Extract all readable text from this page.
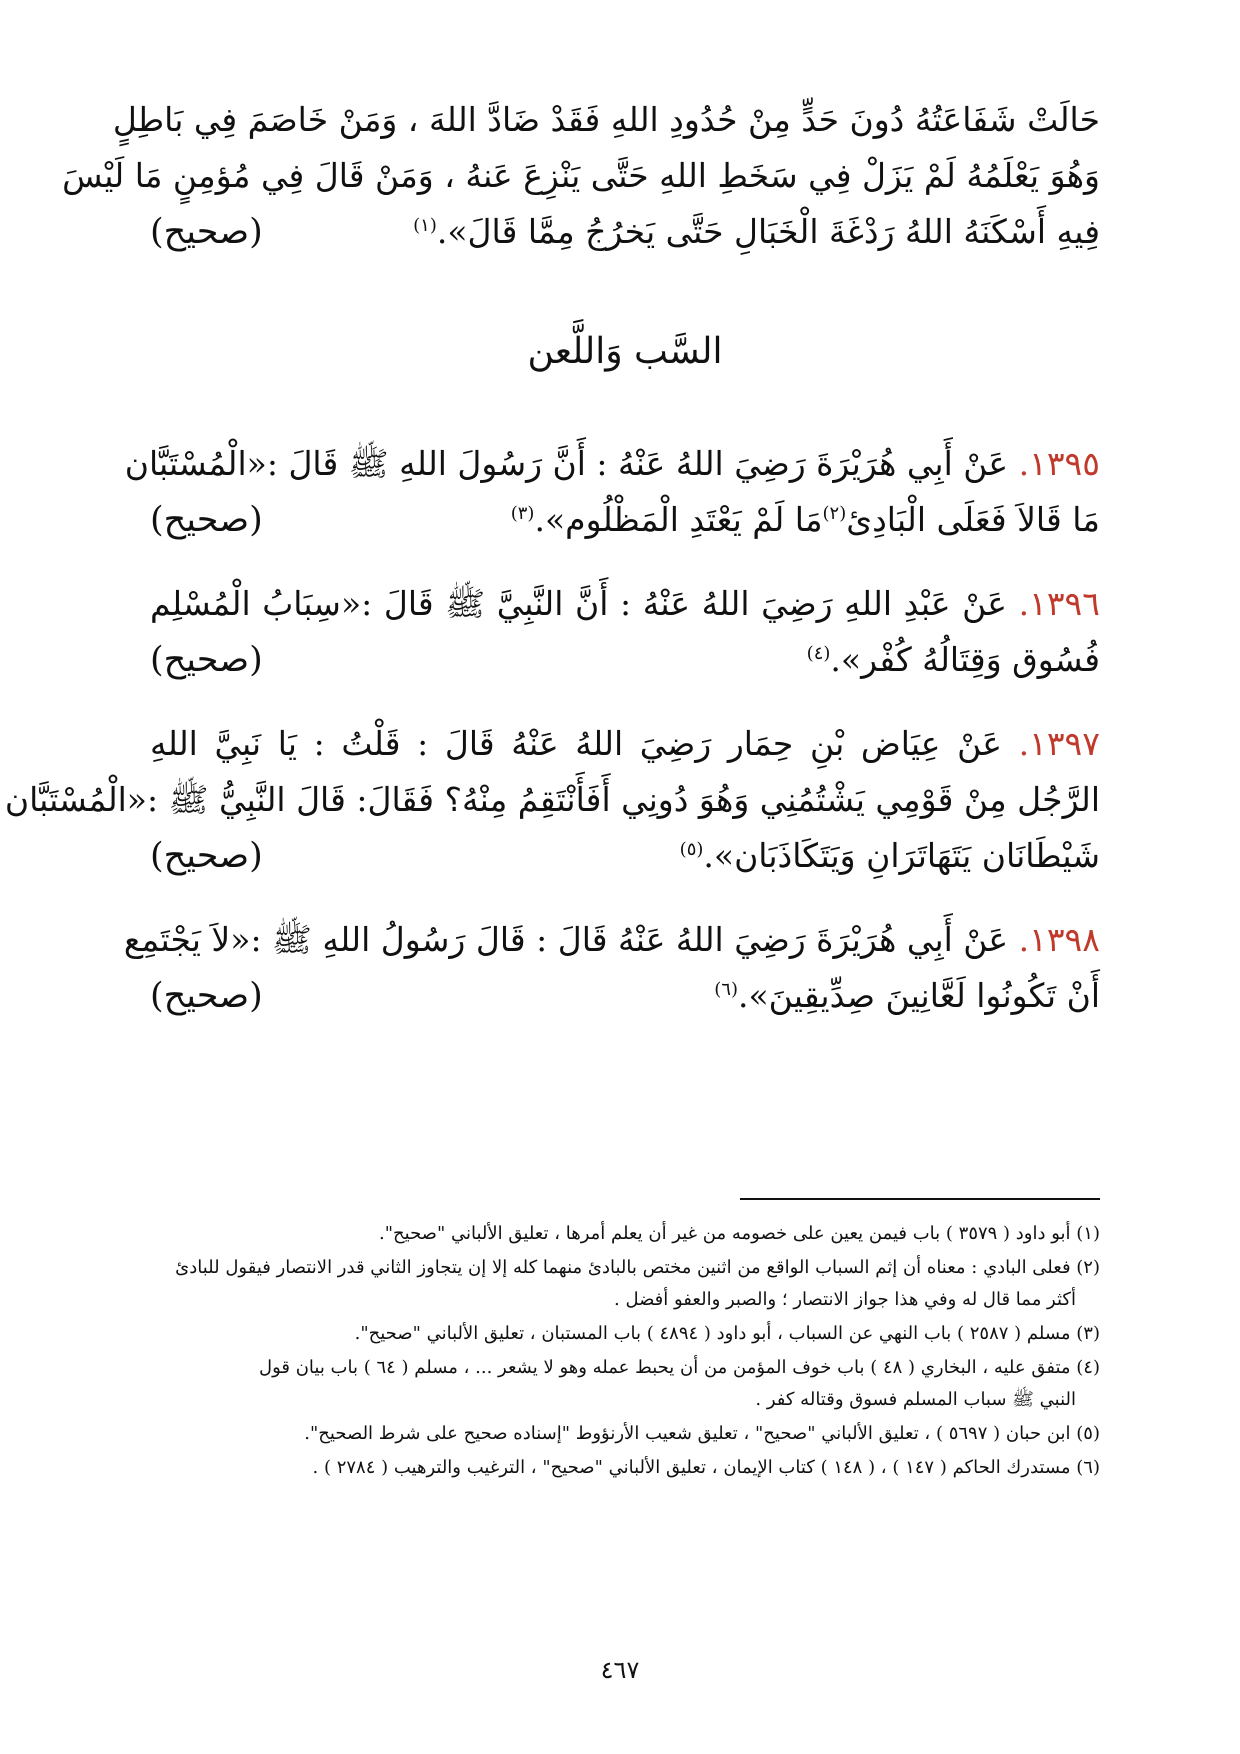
حَالَتْ شَفَاعَتُهُ دُونَ حَدٍّ مِنْ حُدُودِ اللهِ فَقَدْ ضَادَّ اللهَ ، وَمَنْ خَاصَمَ فِي بَاطِلٍ
وَهُوَ يَعْلَمُهُ لَمْ يَزَلْ فِي سَخَطِ اللهِ حَتَّى يَنْزِعَ عَنهُ ، وَمَنْ قَالَ فِي مُؤمِنٍ مَا لَيْسَ
فِيهِ أَسْكَنَهُ اللهُ رَدْغَةَ الْخَبَالِ حَتَّى يَخرُجُ مِمَّا قَالَ».$^{(١)}$
(صحيح)
السَّب وَاللَّعن
١٣٩٥. عَنْ أَبِي هُرَيْرَةَ رَضِيَ اللهُ عَنْهُ : أَنَّ رَسُولَ اللهِ ﷺ قَالَ :«الْمُسْتَبَّان
مَا قَالاَ فَعَلَى الْبَادِئ$^{(٢)}$مَا لَمْ يَعْتَدِ الْمَظْلُوم».$^{(٣)}$
(صحيح)
١٣٩٦. عَنْ عَبْدِ اللهِ رَضِيَ اللهُ عَنْهُ : أَنَّ النَّبِيَّ ﷺ قَالَ :«سِبَابُ الْمُسْلِم
فُسُوق وَقِتَالُهُ كُفْر».$^{(٤)}$
(صحيح)
١٣٩٧. عَنْ عِيَاض بْنِ حِمَار رَضِيَ اللهُ عَنْهُ قَالَ : قَلْتُ : يَا نَبِيَّ اللهِ
الرَّجُل مِنْ قَوْمِي يَشْتُمُنِي وَهُوَ دُونِي أَفَأَنْتَقِمُ مِنْهُ؟ فَقَالَ: قَالَ النَّبِيُّ ﷺ :«الْمُسْتَبَّان
شَيْطَانَان يَتَهَاتَرَانِ وَيَتَكَاذَبَان».$^{(٥)}$
(صحيح)
١٣٩٨. عَنْ أَبِي هُرَيْرَةَ رَضِيَ اللهُ عَنْهُ قَالَ : قَالَ رَسُولُ اللهِ ﷺ :«لاَ يَجْتَمِع
أَنْ تَكُونُوا لَعَّانِينَ صِدِّيقِينَ».$^{(٦)}$
(صحيح)
(١) أبو داود ( ٣٥٧٩ ) باب فيمن يعين على خصومه من غير أن يعلم أمرها ، تعليق الألباني "صحيح".
(٢) فعلى البادي : معناه أن إثم السباب الواقع من اثنين مختص بالبادئ منهما كله إلا إن يتجاوز الثاني قدر الانتصار فيقول للبادئ
أكثر مما قال له وفي هذا جواز الانتصار ؛ والصبر والعفو أفضل .
(٣) مسلم ( ٢٥٨٧ ) باب النهي عن السباب ، أبو داود ( ٤٨٩٤ ) باب المستبان ، تعليق الألباني "صحيح".
(٤) متفق عليه ، البخاري ( ٤٨ ) باب خوف المؤمن من أن يحبط عمله وهو لا يشعر ... ، مسلم ( ٦٤ ) باب بيان قول
النبي ﷺ سباب المسلم فسوق وقتاله كفر .
(٥) ابن حبان ( ٥٦٩٧ ) ، تعليق الألباني "صحيح" ، تعليق شعيب الأرنؤوط "إسناده صحيح على شرط الصحيح".
(٦) مستدرك الحاكم ( ١٤٧ ) ، ( ١٤٨ ) كتاب الإيمان ، تعليق الألباني "صحيح" ، الترغيب والترهيب ( ٢٧٨٤ ) .
٤٦٧
